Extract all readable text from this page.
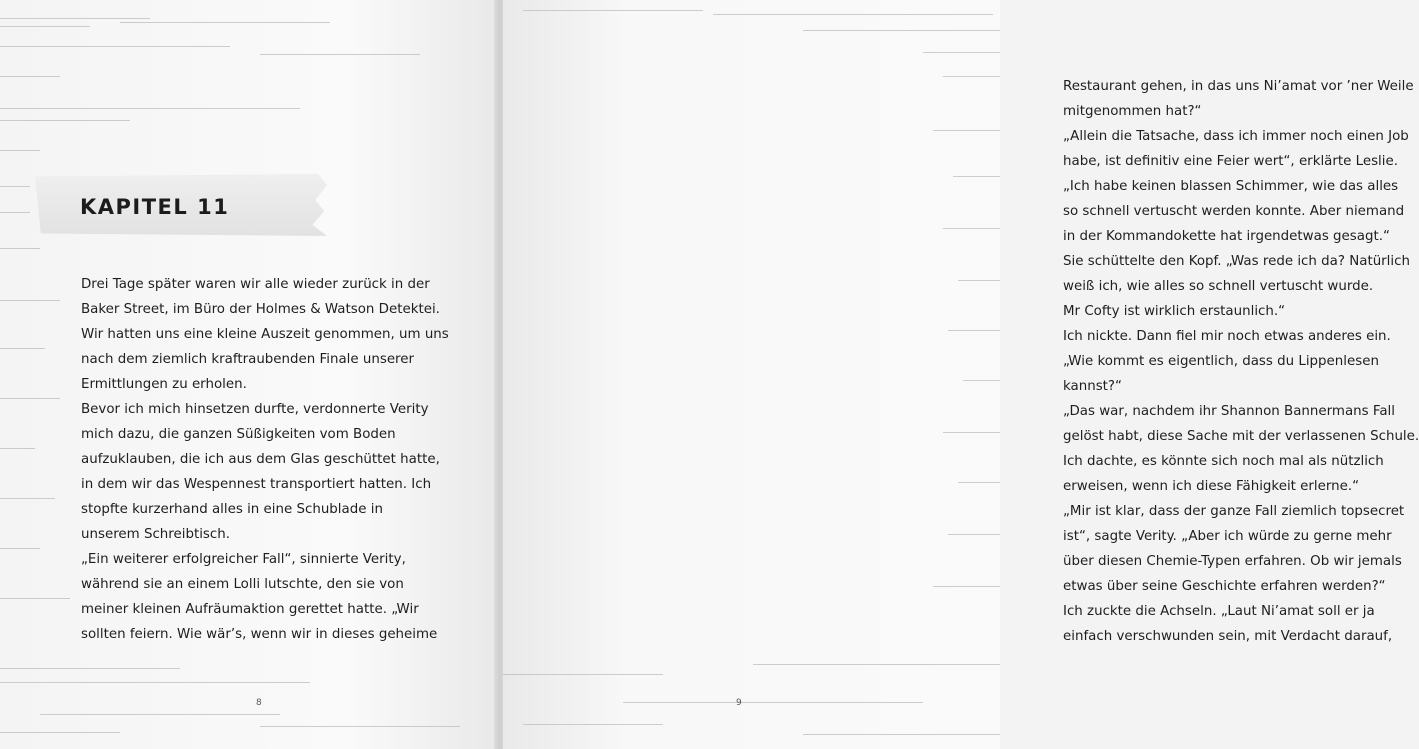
KAPITEL 11
Drei Tage später waren wir alle wieder zurück in der
Baker Street, im Büro der Holmes & Watson Detektei.
Wir hatten uns eine kleine Auszeit genommen, um uns
nach dem ziemlich kraftraubenden Finale unserer
Ermittlungen zu erholen.
Bevor ich mich hinsetzen durfte, verdonnerte Verity
mich dazu, die ganzen Süßigkeiten vom Boden
aufzuklauben, die ich aus dem Glas geschüttet hatte,
in dem wir das Wespennest transportiert hatten. Ich
stopfte kurzerhand alles in eine Schublade in
unserem Schreibtisch.
„Ein weiterer erfolgreicher Fall“, sinnierte Verity,
während sie an einem Lolli lutschte, den sie von
meiner kleinen Aufräumaktion gerettet hatte. „Wir
sollten feiern. Wie wär’s, wenn wir in dieses geheime
8
Restaurant gehen, in das uns Ni’amat vor ’ner Weile
mitgenommen hat?“
„Allein die Tatsache, dass ich immer noch einen Job
habe, ist definitiv eine Feier wert“, erklärte Leslie.
„Ich habe keinen blassen Schimmer, wie das alles
so schnell vertuscht werden konnte. Aber niemand
in der Kommandokette hat irgendetwas gesagt.“
Sie schüttelte den Kopf. „Was rede ich da? Natürlich
weiß ich, wie alles so schnell vertuscht wurde.
Mr Cofty ist wirklich erstaunlich.“
Ich nickte. Dann fiel mir noch etwas anderes ein.
„Wie kommt es eigentlich, dass du Lippenlesen
kannst?“
„Das war, nachdem ihr Shannon Bannermans Fall
gelöst habt, diese Sache mit der verlassenen Schule.
Ich dachte, es könnte sich noch mal als nützlich
erweisen, wenn ich diese Fähigkeit erlerne.“
„Mir ist klar, dass der ganze Fall ziemlich topsecret
ist“, sagte Verity. „Aber ich würde zu gerne mehr
über diesen Chemie-Typen erfahren. Ob wir jemals
etwas über seine Geschichte erfahren werden?“
Ich zuckte die Achseln. „Laut Ni’amat soll er ja
einfach verschwunden sein, mit Verdacht darauf,
9
